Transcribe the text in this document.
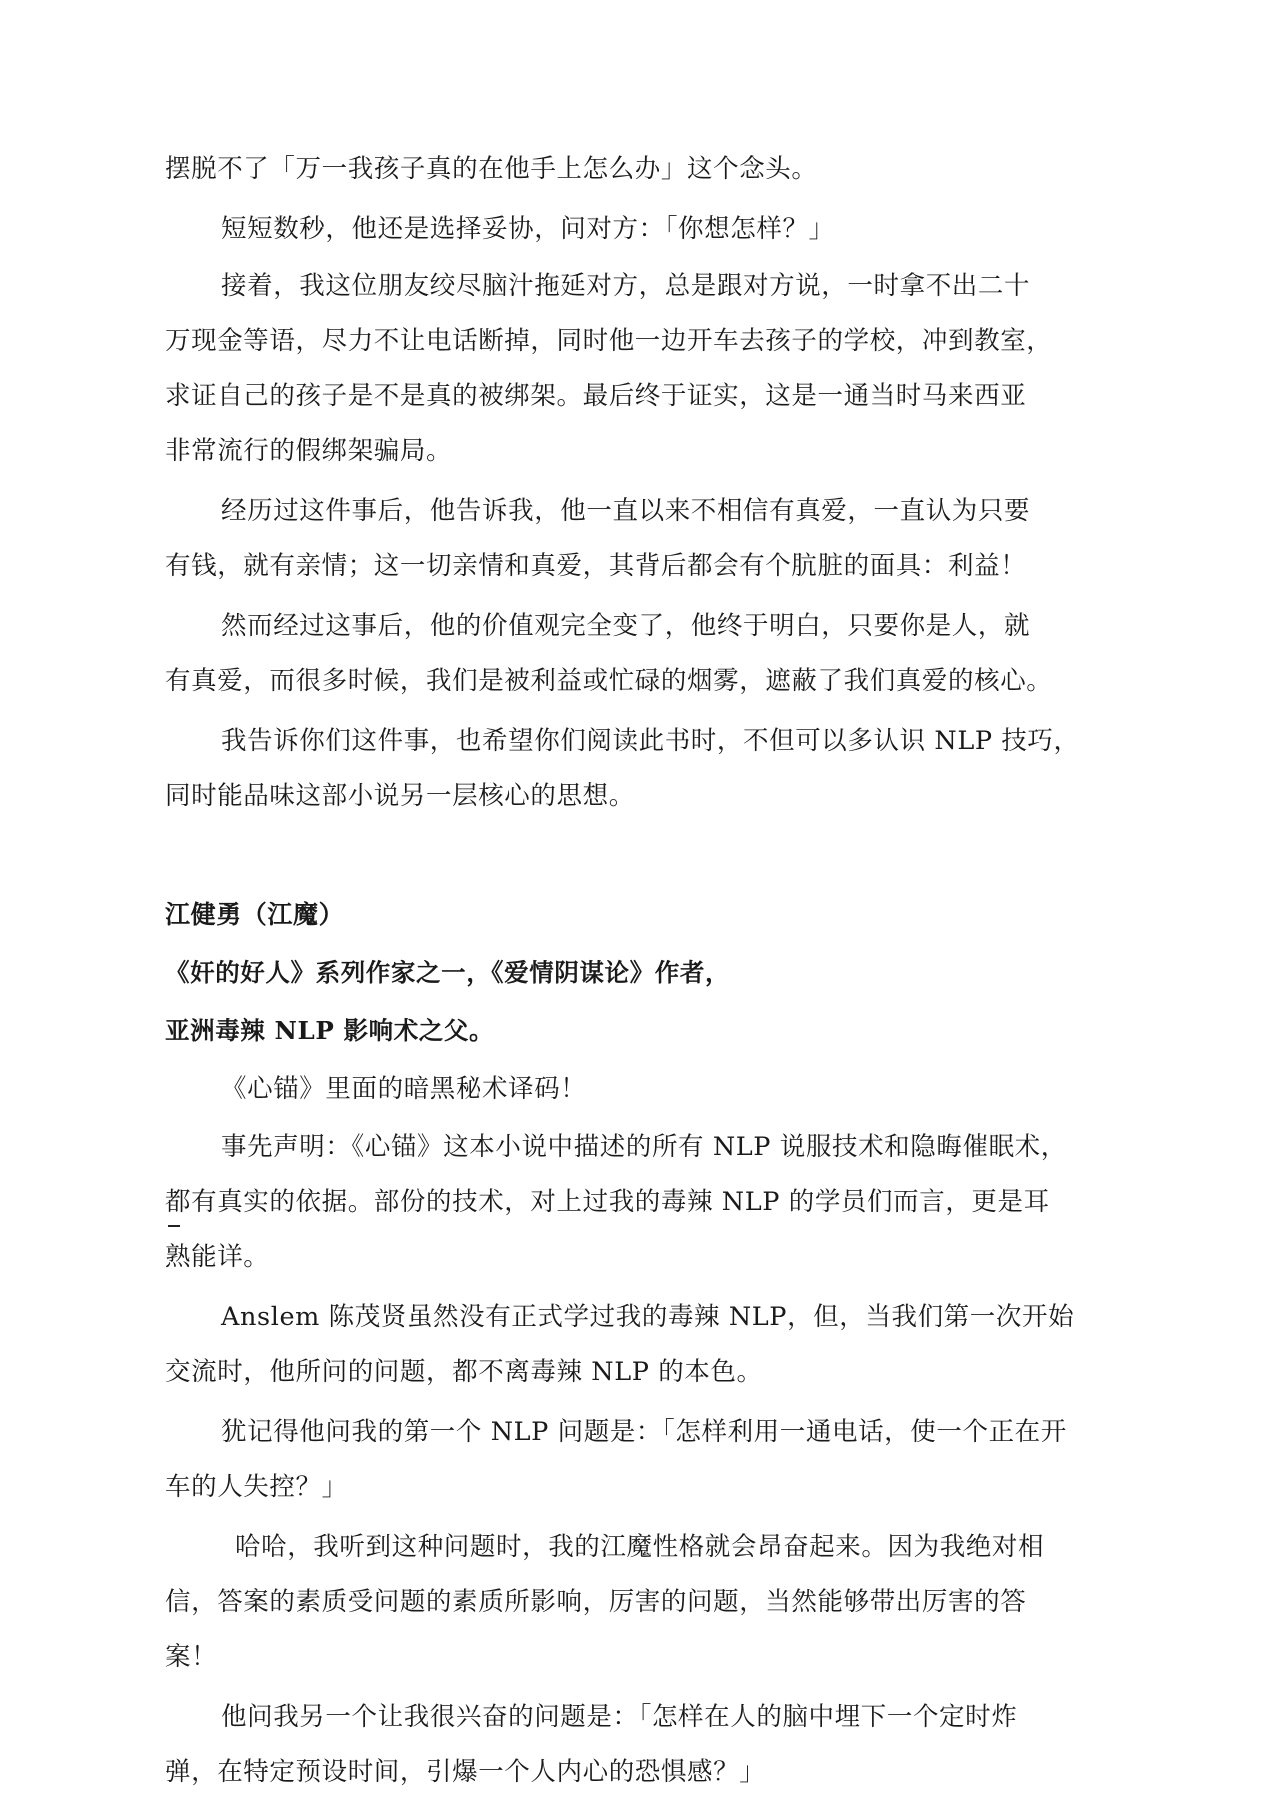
摆脱不了「万一我孩子真的在他手上怎么办」这个念头。
短短数秒，他还是选择妥协，问对方：「你想怎样？」
接着，我这位朋友绞尽脑汁拖延对方，总是跟对方说，一时拿不出二十
万现金等语，尽力不让电话断掉，同时他一边开车去孩子的学校，冲到教室，
求证自己的孩子是不是真的被绑架。最后终于证实，这是一通当时马来西亚
非常流行的假绑架骗局。
经历过这件事后，他告诉我，他一直以来不相信有真爱，一直认为只要
有钱，就有亲情；这一切亲情和真爱，其背后都会有个肮脏的面具：利益！
然而经过这事后，他的价值观完全变了，他终于明白，只要你是人，就
有真爱，而很多时候，我们是被利益或忙碌的烟雾，遮蔽了我们真爱的核心。
我告诉你们这件事，也希望你们阅读此书时，不但可以多认识 NLP 技巧，
同时能品味这部小说另一层核心的思想。
江健勇（江魔）
《奸的好人》系列作家之一，《爱情阴谋论》作者，
亚洲毒辣 NLP 影响术之父。
《心锚》里面的暗黑秘术译码！
事先声明：《心锚》这本小说中描述的所有 NLP 说服技术和隐晦催眠术，
都有真实的依据。部份的技术，对上过我的毒辣 NLP 的学员们而言，更是耳
熟能详。
Anslem 陈茂贤虽然没有正式学过我的毒辣 NLP，但，当我们第一次开始
交流时，他所问的问题，都不离毒辣 NLP 的本色。
犹记得他问我的第一个 NLP 问题是：「怎样利用一通电话，使一个正在开
车的人失控？」
哈哈，我听到这种问题时，我的江魔性格就会昂奋起来。因为我绝对相
信，答案的素质受问题的素质所影响，厉害的问题，当然能够带出厉害的答
案！
他问我另一个让我很兴奋的问题是：「怎样在人的脑中埋下一个定时炸
弹，在特定预设时间，引爆一个人内心的恐惧感？」
